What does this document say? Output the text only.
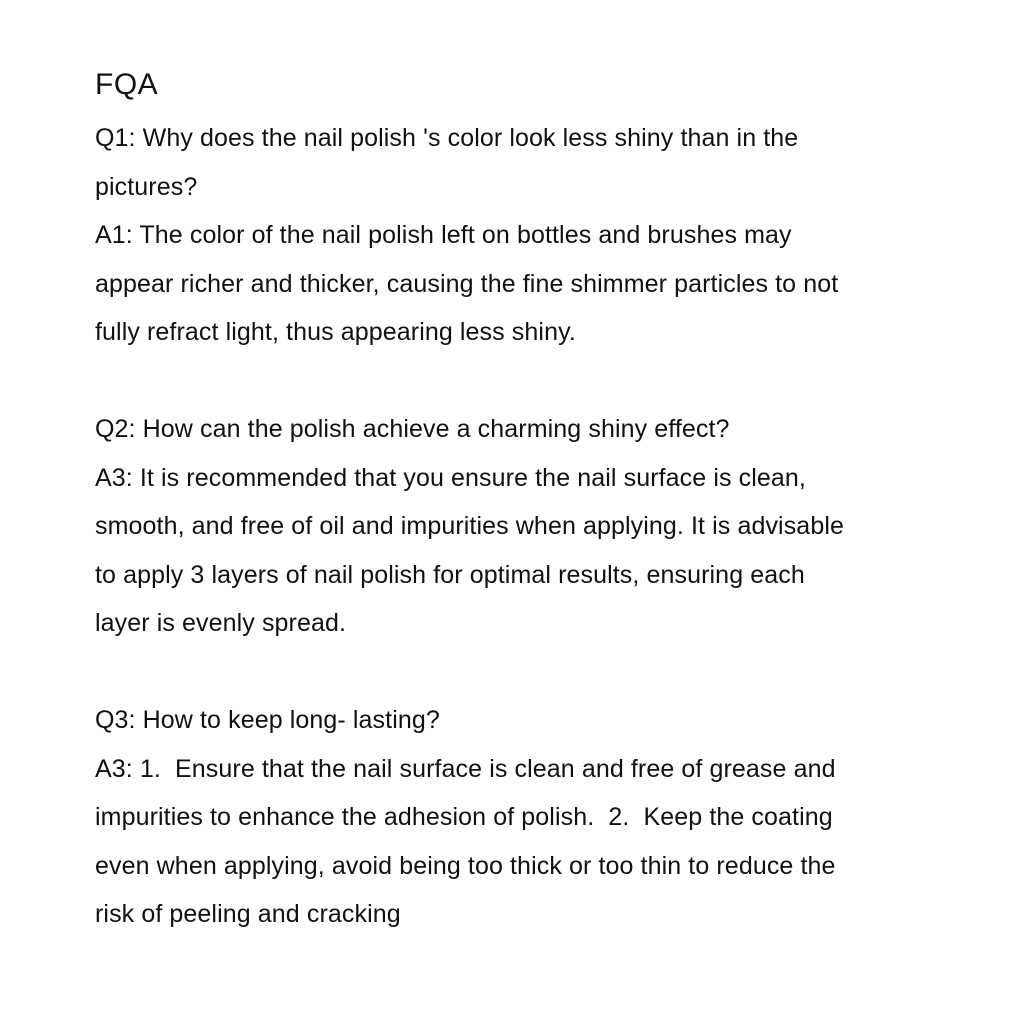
FQA

Q1: Why does the nail polish 's color look less shiny than in the

pictures?

A1: The color of the nail polish left on bottles and brushes may

appear richer and thicker, causing the fine shimmer particles to not

fully refract light, thus appearing less shiny.

Q2: How can the polish achieve a charming shiny effect?

A3: It is recommended that you ensure the nail surface is clean,

smooth, and free of oil and impurities when applying. It is advisable

to apply 3 layers of nail polish for optimal results, ensuring each

layer is evenly spread.

Q3: How to keep long- lasting?

A3: 1.  Ensure that the nail surface is clean and free of grease and

impurities to enhance the adhesion of polish.  2.  Keep the coating

even when applying, avoid being too thick or too thin to reduce the

risk of peeling and cracking
